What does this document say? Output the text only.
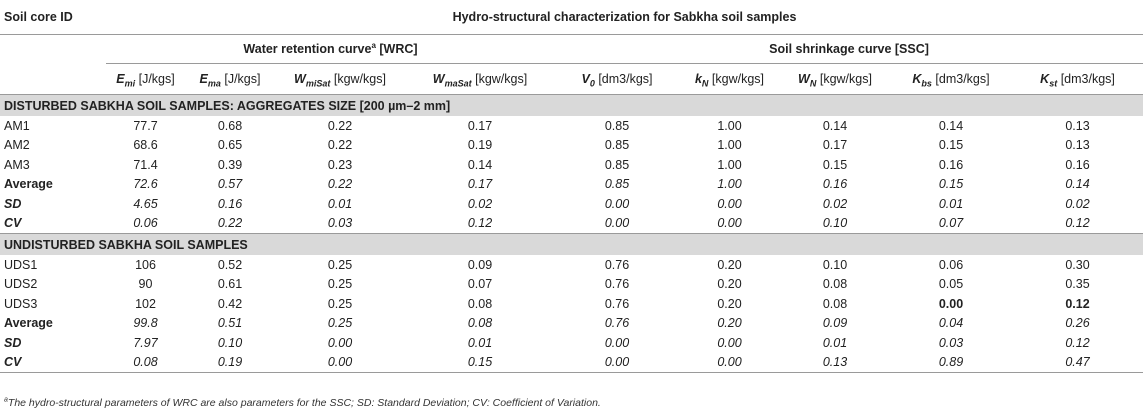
Soil core ID	Hydro-structural characterization for Sabkha soil samples								
	Water retention curve$^a$ [WRC]				Soil shrinkage curve [SSC]				
	$E_{mi}$ [J/kgs]	$E_{ma}$ [J/kgs]	$W_{miSat}$ [kgw/kgs]	$W_{maSat}$ [kgw/kgs]	$V_0$ [dm3/kgs]	$k_N$ [kgw/kgs]	$W_N$ [kgw/kgs]	$K_{bs}$ [dm3/kgs]	$K_{st}$ [dm3/kgs]
DISTURBED SABKHA SOIL SAMPLES: AGGREGATES SIZE [200 µm–2 mm]									
AM1	77.7	0.68	0.22	0.17	0.85	1.00	0.14	0.14	0.13
AM2	68.6	0.65	0.22	0.19	0.85	1.00	0.17	0.15	0.13
AM3	71.4	0.39	0.23	0.14	0.85	1.00	0.15	0.16	0.16
Average	72.6	0.57	0.22	0.17	0.85	1.00	0.16	0.15	0.14
SD	4.65	0.16	0.01	0.02	0.00	0.00	0.02	0.01	0.02
CV	0.06	0.22	0.03	0.12	0.00	0.00	0.10	0.07	0.12
UNDISTURBED SABKHA SOIL SAMPLES									
UDS1	106	0.52	0.25	0.09	0.76	0.20	0.10	0.06	0.30
UDS2	90	0.61	0.25	0.07	0.76	0.20	0.08	0.05	0.35
UDS3	102	0.42	0.25	0.08	0.76	0.20	0.08	0.00	0.12
Average	99.8	0.51	0.25	0.08	0.76	0.20	0.09	0.04	0.26
SD	7.97	0.10	0.00	0.01	0.00	0.00	0.01	0.03	0.12
CV	0.08	0.19	0.00	0.15	0.00	0.00	0.13	0.89	0.47

$^a$The hydro-structural parameters of WRC are also parameters for the SSC; SD: Standard Deviation; CV: Coefficient of Variation.
